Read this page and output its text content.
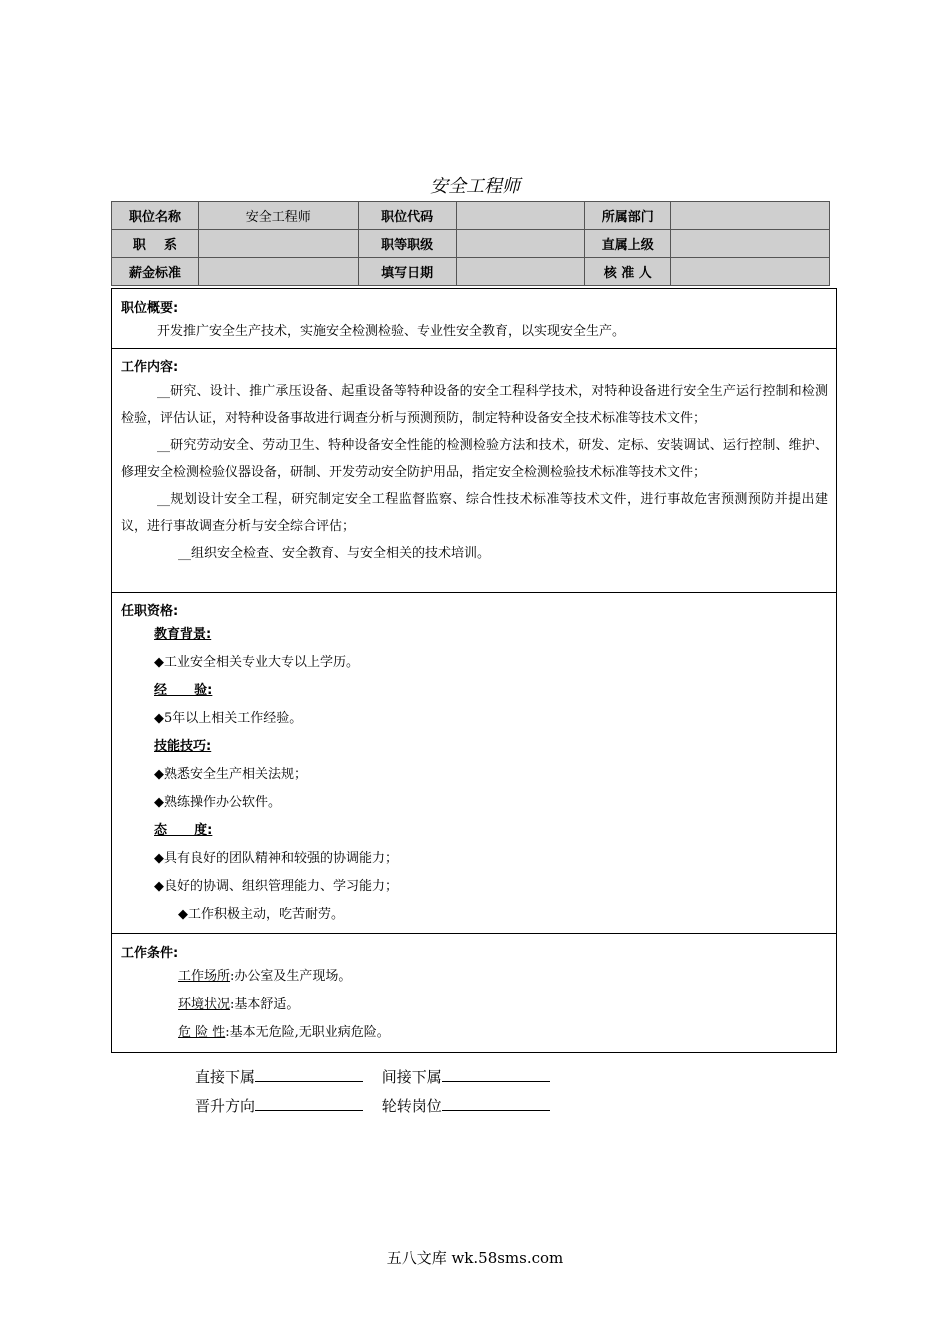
安全工程师
职位名称	安全工程师	职位代码		所属部门	
职    系		职等职级		直属上级	
薪金标准		填写日期		核 准 人	
职位概要:
开发推广安全生产技术，实施安全检测检验、专业性安全教育，以实现安全生产。
工作内容:
__研究、设计、推广承压设备、起重设备等特种设备的安全工程科学技术，对特种设备进行安全生产运行控制和检测检验，评估认证，对特种设备事故进行调查分析与预测预防，制定特种设备安全技术标准等技术文件；
__研究劳动安全、劳动卫生、特种设备安全性能的检测检验方法和技术，研发、定标、安装调试、运行控制、维护、修理安全检测检验仪器设备，研制、开发劳动安全防护用品，指定安全检测检验技术标准等技术文件；
__规划设计安全工程，研究制定安全工程监督监察、综合性技术标准等技术文件，进行事故危害预测预防并提出建议，进行事故调查分析与安全综合评估；
__组织安全检查、安全教育、与安全相关的技术培训。
任职资格:
教育背景:
◆工业安全相关专业大专以上学历。
经      验:
◆5年以上相关工作经验。
技能技巧:
◆熟悉安全生产相关法规；
◆熟练操作办公软件。
态      度:
◆具有良好的团队精神和较强的协调能力；
◆良好的协调、组织管理能力、学习能力；
◆工作积极主动，吃苦耐劳。
工作条件:
工作场所:办公室及生产现场。
环境状况:基本舒适。
危 险 性:基本无危险,无职业病危险。
直接下属	间接下属
晋升方向	轮转岗位
五八文库 wk.58sms.com
